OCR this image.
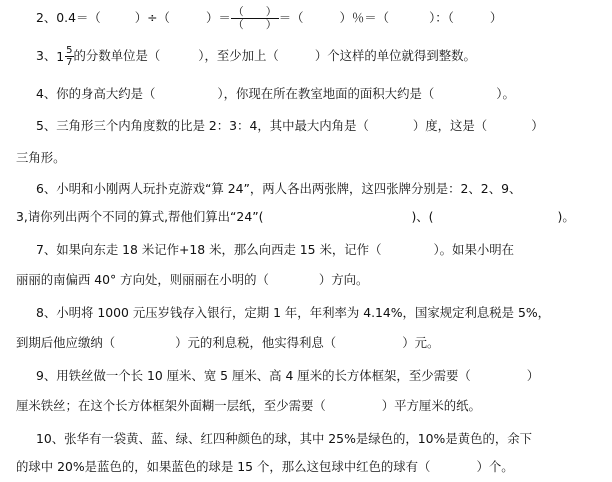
2、0.4＝（	）÷（	）＝ $\frac{( )}{( )}$ ＝（	）％＝（	）：（	）
3、$1 \frac{5}{7}$ 的分数单位是（	），至少加上（	）个这样的单位就得到整数。
4、你的身高大约是（	），你现在所在教室地面的面积大约是（	）。
5、三角形三个内角度数的比是 2：3：4，其中最大内角是（	）度，这是（	）
三角形。
6、小明和小刚两人玩扑克游戏“算 24”，两人各出两张牌，这四张牌分别是：2、2、9、
3,请你列出两个不同的算式,帮他们算出“24”(	)、(	)。
7、如果向东走 18 米记作+18 米，那么向西走 15 米，记作（	）。如果小明在
丽丽的南偏西 40° 方向处，则丽丽在小明的（	）方向。
8、小明将 1000 元压岁钱存入银行，定期 1 年，年利率为 4.14%，国家规定利息税是 5%，
到期后他应缴纳（	）元的利息税，他实得利息（	）元。
9、用铁丝做一个长 10 厘米、宽 5 厘米、高 4 厘米的长方体框架，至少需要（	）
厘米铁丝；在这个长方体框架外面糊一层纸，至少需要（	）平方厘米的纸。
10、张华有一袋黄、蓝、绿、红四种颜色的球，其中 25%是绿色的，10%是黄色的，余下
的球中 20%是蓝色的，如果蓝色的球是 15 个，那么这包球中红色的球有（	）个。
